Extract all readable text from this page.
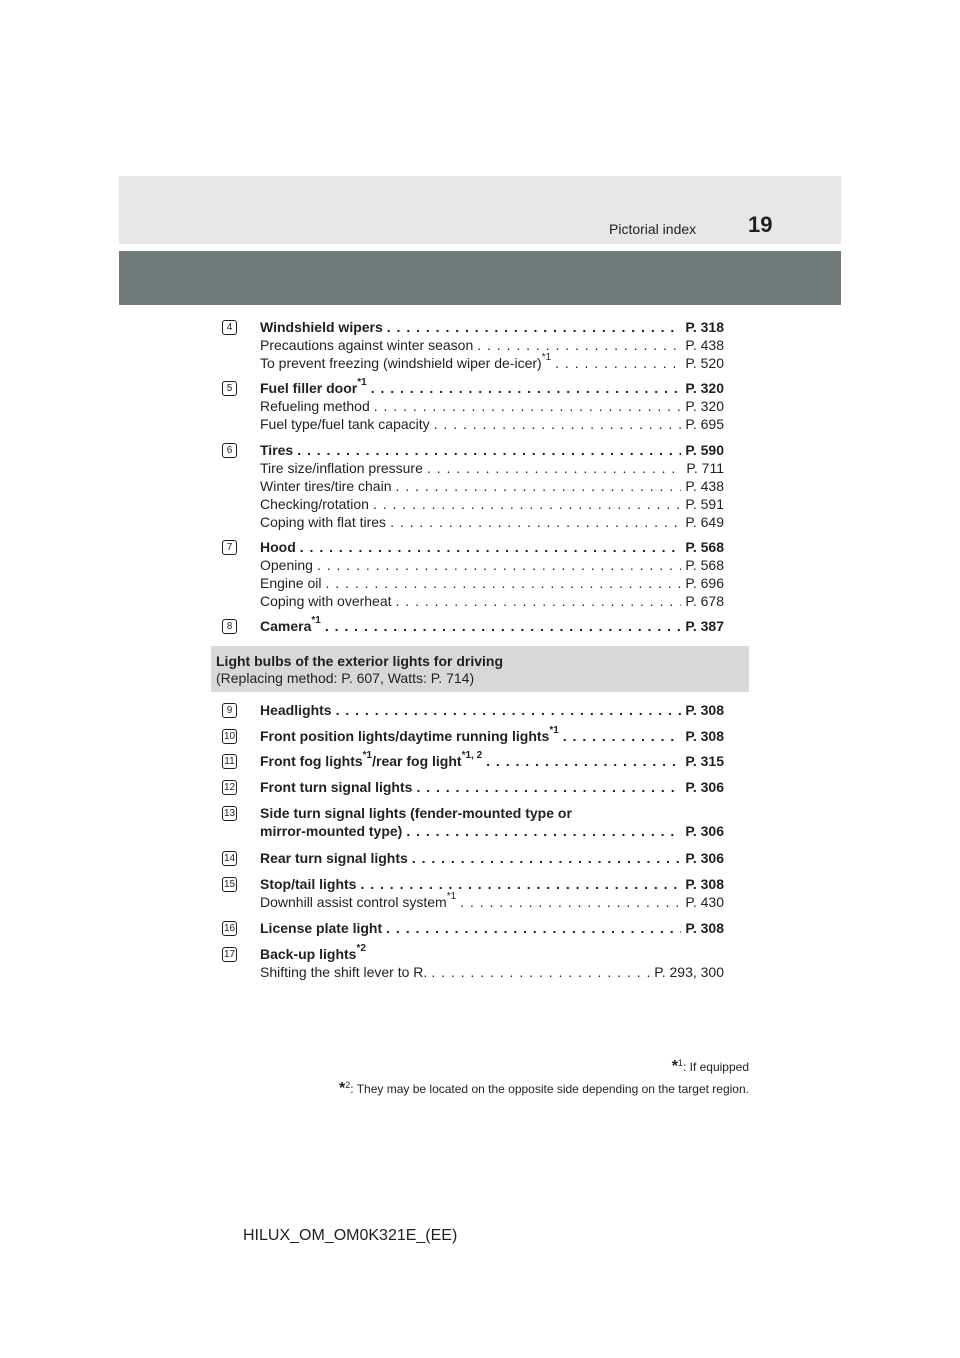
Pictorial index 19
4	Windshield wipers . . .	P. 318
Precautions against winter season . . .	P. 438
To prevent freezing (windshield wiper de-icer)$^{*1}$ . . .	P. 520
5	Fuel filler door$^{*1}$ . . .	P. 320
Refueling method . . .	P. 320
Fuel type/fuel tank capacity . . .	P. 695
6	Tires . . .	P. 590
Tire size/inflation pressure . . .	P. 711
Winter tires/tire chain . . .	P. 438
Checking/rotation . . .	P. 591
Coping with flat tires . . .	P. 649
7	Hood . . .	P. 568
Opening . . .	P. 568
Engine oil . . .	P. 696
Coping with overheat . . .	P. 678
8	Camera$^{*1}$ . . .	P. 387
Light bulbs of the exterior lights for driving
(Replacing method: P. 607, Watts: P. 714)
9	Headlights . . .	P. 308
10 Front position lights/daytime running lights$^{*1}$ . . .	P. 308
11 Front fog lights$^{*1}$/rear fog light$^{*1, 2}$ . . .	P. 315
12 Front turn signal lights . . .	P. 306
13 Side turn signal lights (fender-mounted type or
mirror-mounted type) . . .	P. 306
14 Rear turn signal lights . . .	P. 306
15 Stop/tail lights . . .	P. 308
Downhill assist control system$^{*1}$ . . .	P. 430
16 License plate light . . .	P. 308
17 Back-up lights$^{*2}$
Shifting the shift lever to R. . . .	P. 293, 300
*$^1$: If equipped
*$^2$: They may be located on the opposite side depending on the target region.
HILUX_OM_OM0K321E_(EE)
